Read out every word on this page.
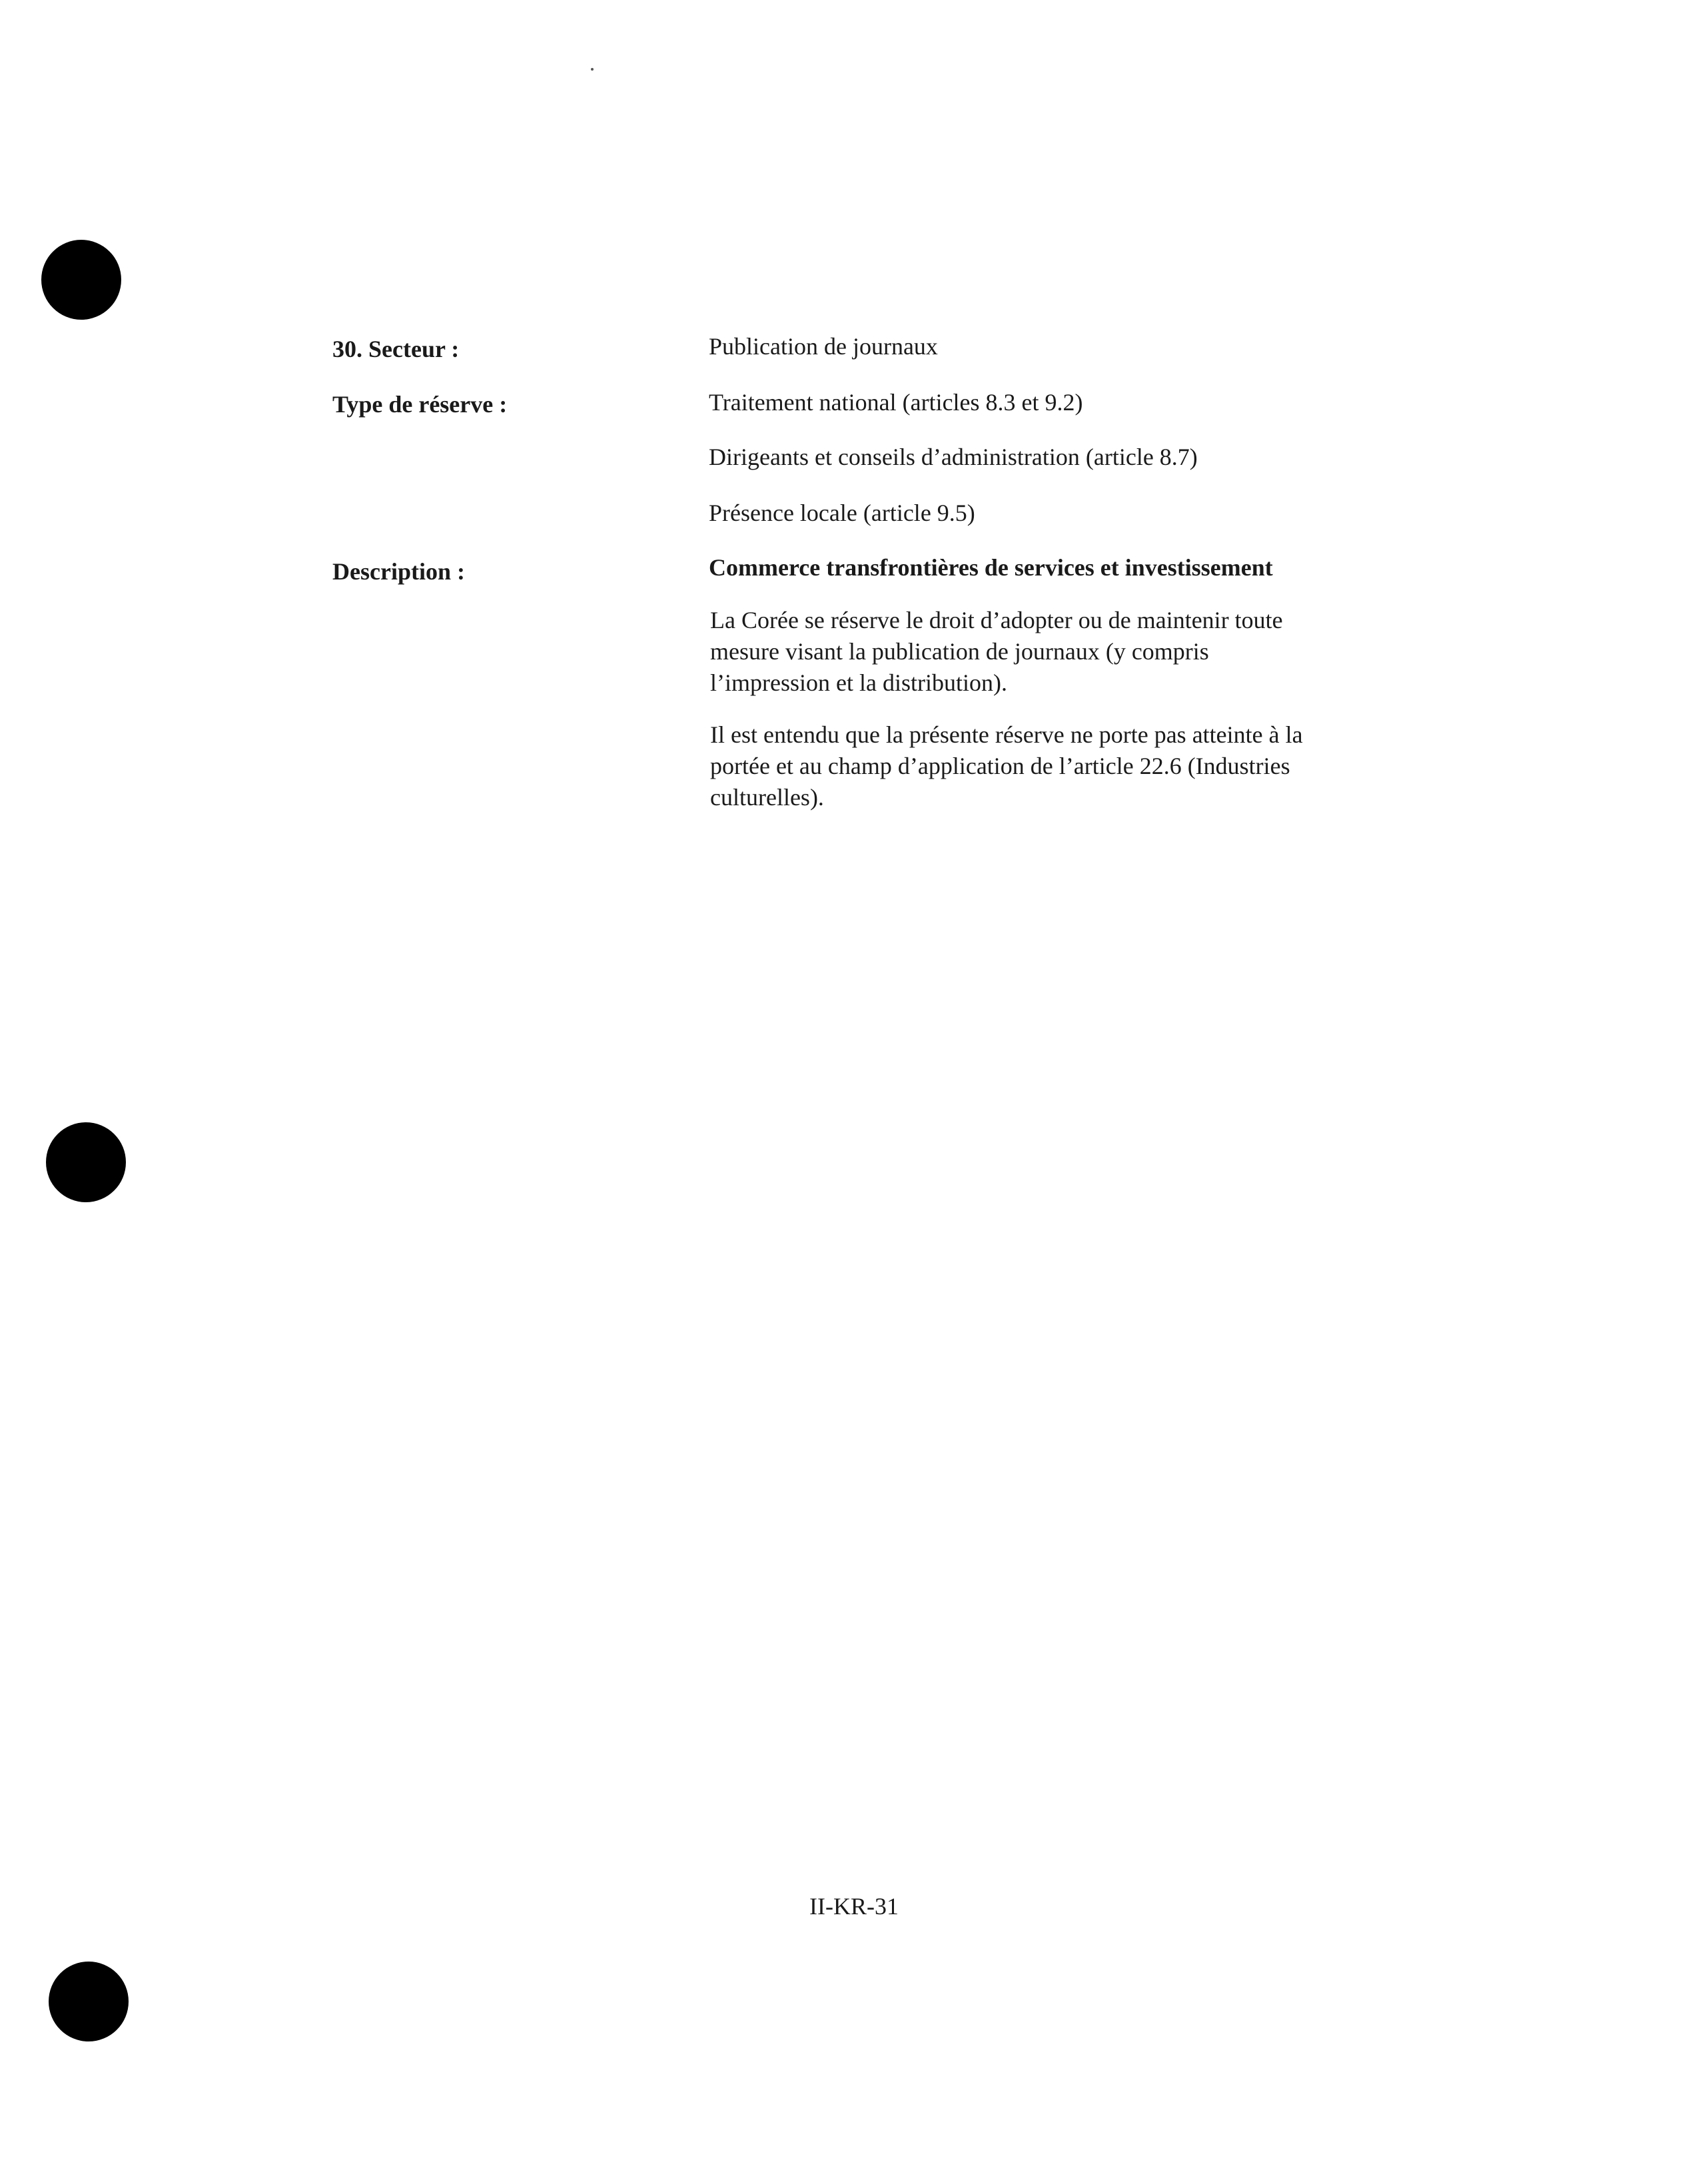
30. Secteur :	Publication de journaux
Type de réserve :	Traitement national (articles 8.3 et 9.2)
Dirigeants et conseils d’administration (article 8.7)
Présence locale (article 9.5)
Description :	Commerce transfrontières de services et investissement
La Corée se réserve le droit d’adopter ou de maintenir toute
mesure visant la publication de journaux (y compris
l’impression et la distribution).
Il est entendu que la présente réserve ne porte pas atteinte à la
portée et au champ d’application de l’article 22.6 (Industries
culturelles).
II-KR-31
